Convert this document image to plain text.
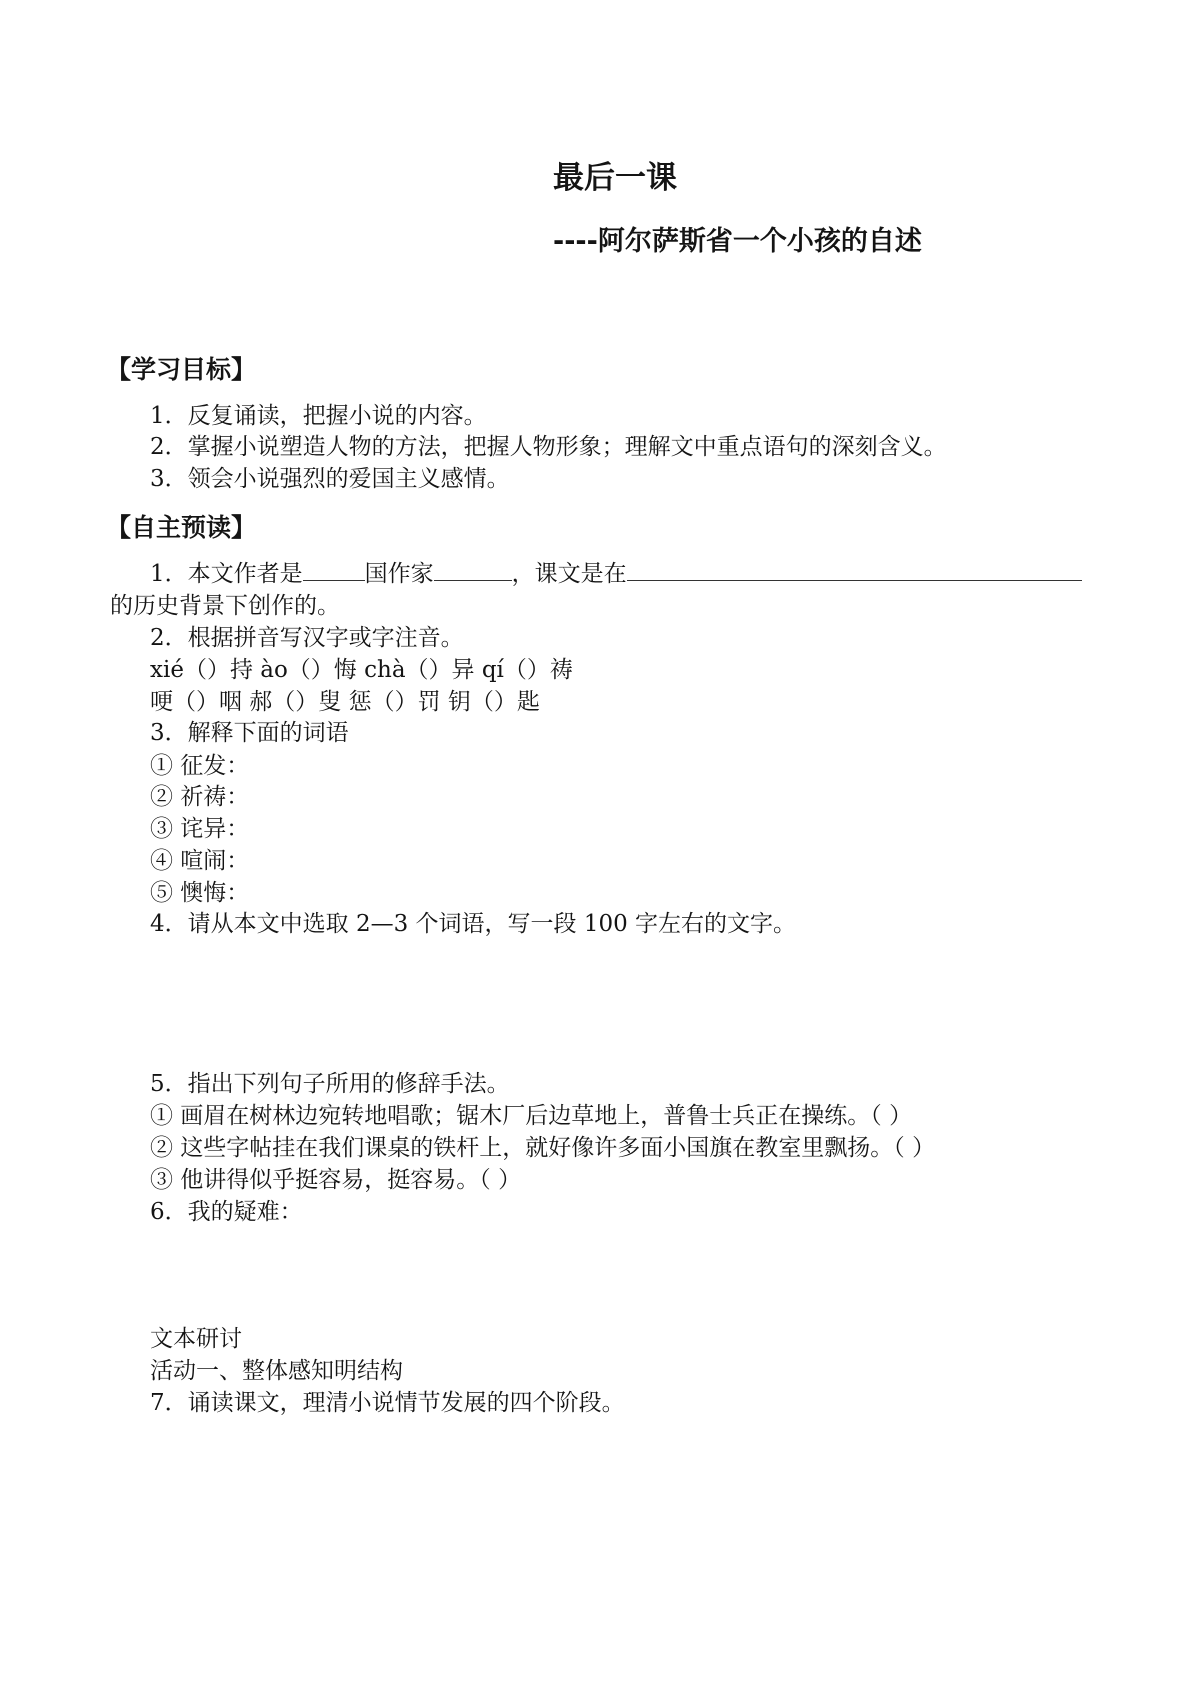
最后一课
----阿尔萨斯省一个小孩的自述
【学习目标】
1．反复诵读，把握小说的内容。
2．掌握小说塑造人物的方法，把握人物形象；理解文中重点语句的深刻含义。
3．领会小说强烈的爱国主义感情。
【自主预读】
1．本文作者是	国作家	，课文是在
的历史背景下创作的。
2．根据拼音写汉字或字注音。
xié（）持 ào（）悔 chà（）异 qí（）祷
哽（）咽 郝（）叟 惩（）罚 钥（）匙
3．解释下面的词语
① 征发：
② 祈祷：
③ 诧异：
④ 喧闹：
⑤ 懊悔：
4．请从本文中选取 2—3 个词语，写一段 100 字左右的文字。
5．指出下列句子所用的修辞手法。
① 画眉在树林边宛转地唱歌；锯木厂后边草地上，普鲁士兵正在操练。（ ）
② 这些字帖挂在我们课桌的铁杆上，就好像许多面小国旗在教室里飘扬。（ ）
③ 他讲得似乎挺容易，挺容易。（ ）
6．我的疑难：
文本研讨
活动一、整体感知明结构
7．诵读课文，理清小说情节发展的四个阶段。
